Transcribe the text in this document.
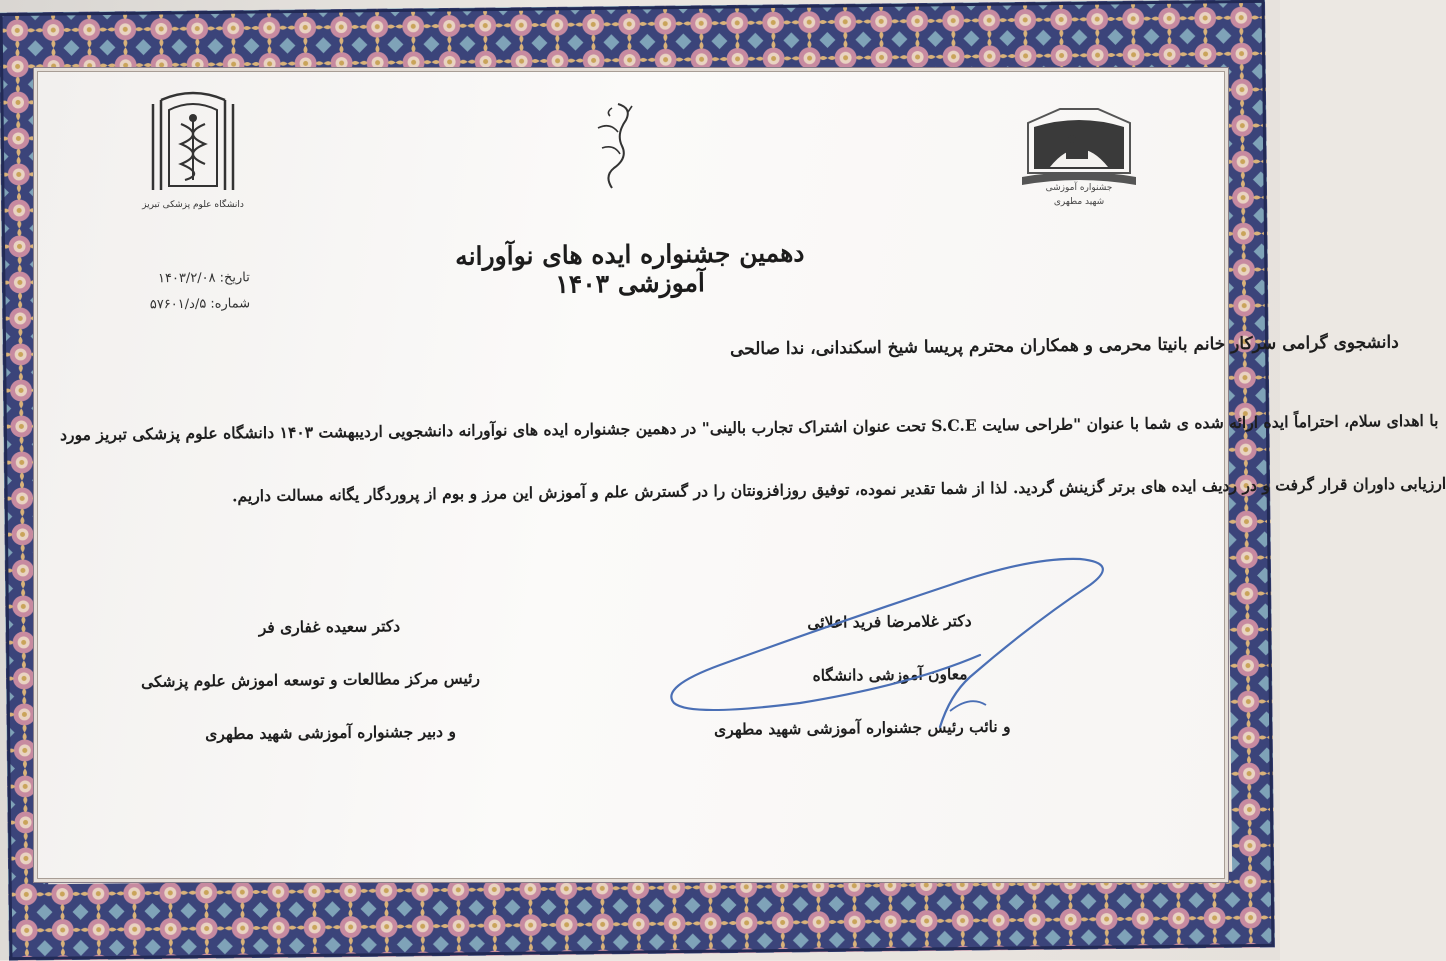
جشنواره آموزشی
شهید مطهری
دانشگاه علوم پزشکی تبریز
دهمین جشنواره ایده های نوآورانه آموزشی ۱۴۰۳
تاریخ:
۱۴۰۳/۲/۰۸
شماره:
۵/د/۵۷۶۰۱
دانشجوی گرامی سرکار خانم بانیتا محرمی و همکاران محترم پریسا شیخ اسکندانی، ندا صالحی
با اهدای سلام، احتراماً ایده ارائه شده ی شما با عنوان "طراحی سایت S.C.E تحت عنوان اشتراک تجارب بالینی" در دهمین جشنواره ایده های نوآورانه دانشجویی اردیبهشت ۱۴۰۳ دانشگاه علوم پزشکی تبریز مورد
ارزیابی داوران قرار گرفت و در ردیف ایده های برتر گزینش گردید. لذا از شما تقدیر نموده، توفیق روزافزونتان را در گسترش علم و آموزش این مرز و بوم از پروردگار یگانه مسالت داریم.
دکتر غلامرضا فرید اعلائی
معاون آموزشی دانشگاه
و نائب رئیس جشنواره آموزشی شهید مطهری
دکتر سعیده غفاری فر
رئیس مرکز مطالعات و توسعه اموزش علوم پزشکی
و دبیر جشنواره آموزشی شهید مطهری
